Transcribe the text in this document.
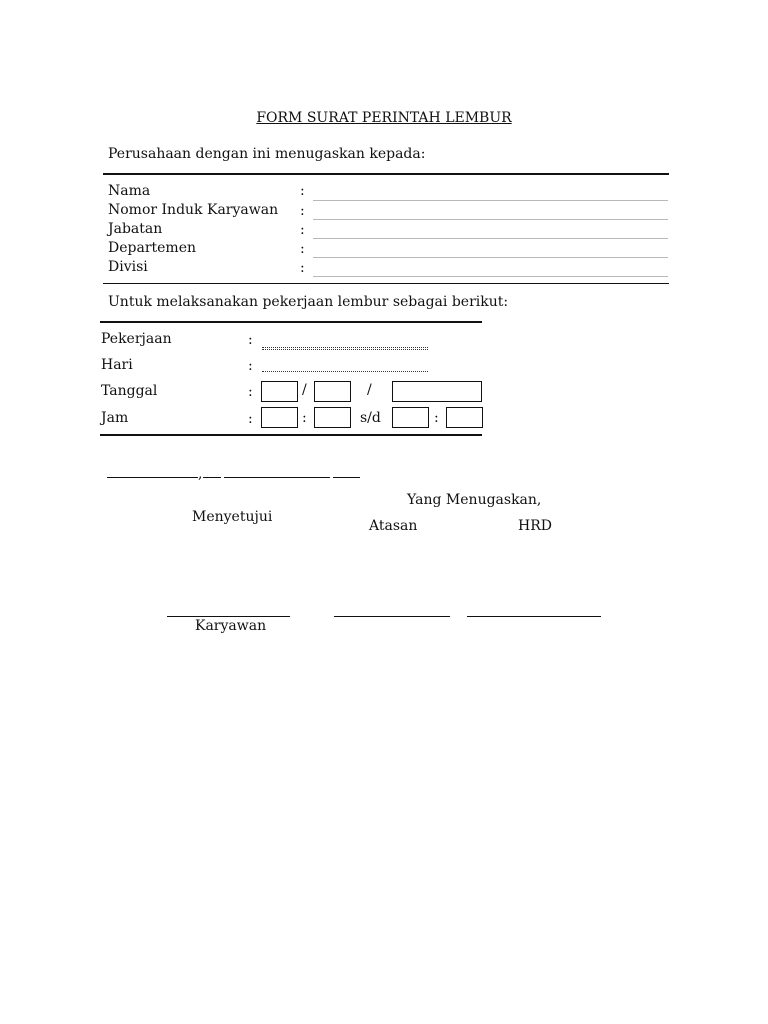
FORM SURAT PERINTAH LEMBUR
Perusahaan dengan ini menugaskan kepada:
Nama	:
Nomor Induk Karyawan :
Jabatan	:
Departemen	:
Divisi	:
Untuk melaksanakan pekerjaan lembur sebagai berikut:
Pekerjaan	:
Hari	:
Tanggal	:	/	/
Jam	:	:	s/d	:
,
Yang Menugaskan,
Menyetujui
Atasan	HRD
Karyawan
